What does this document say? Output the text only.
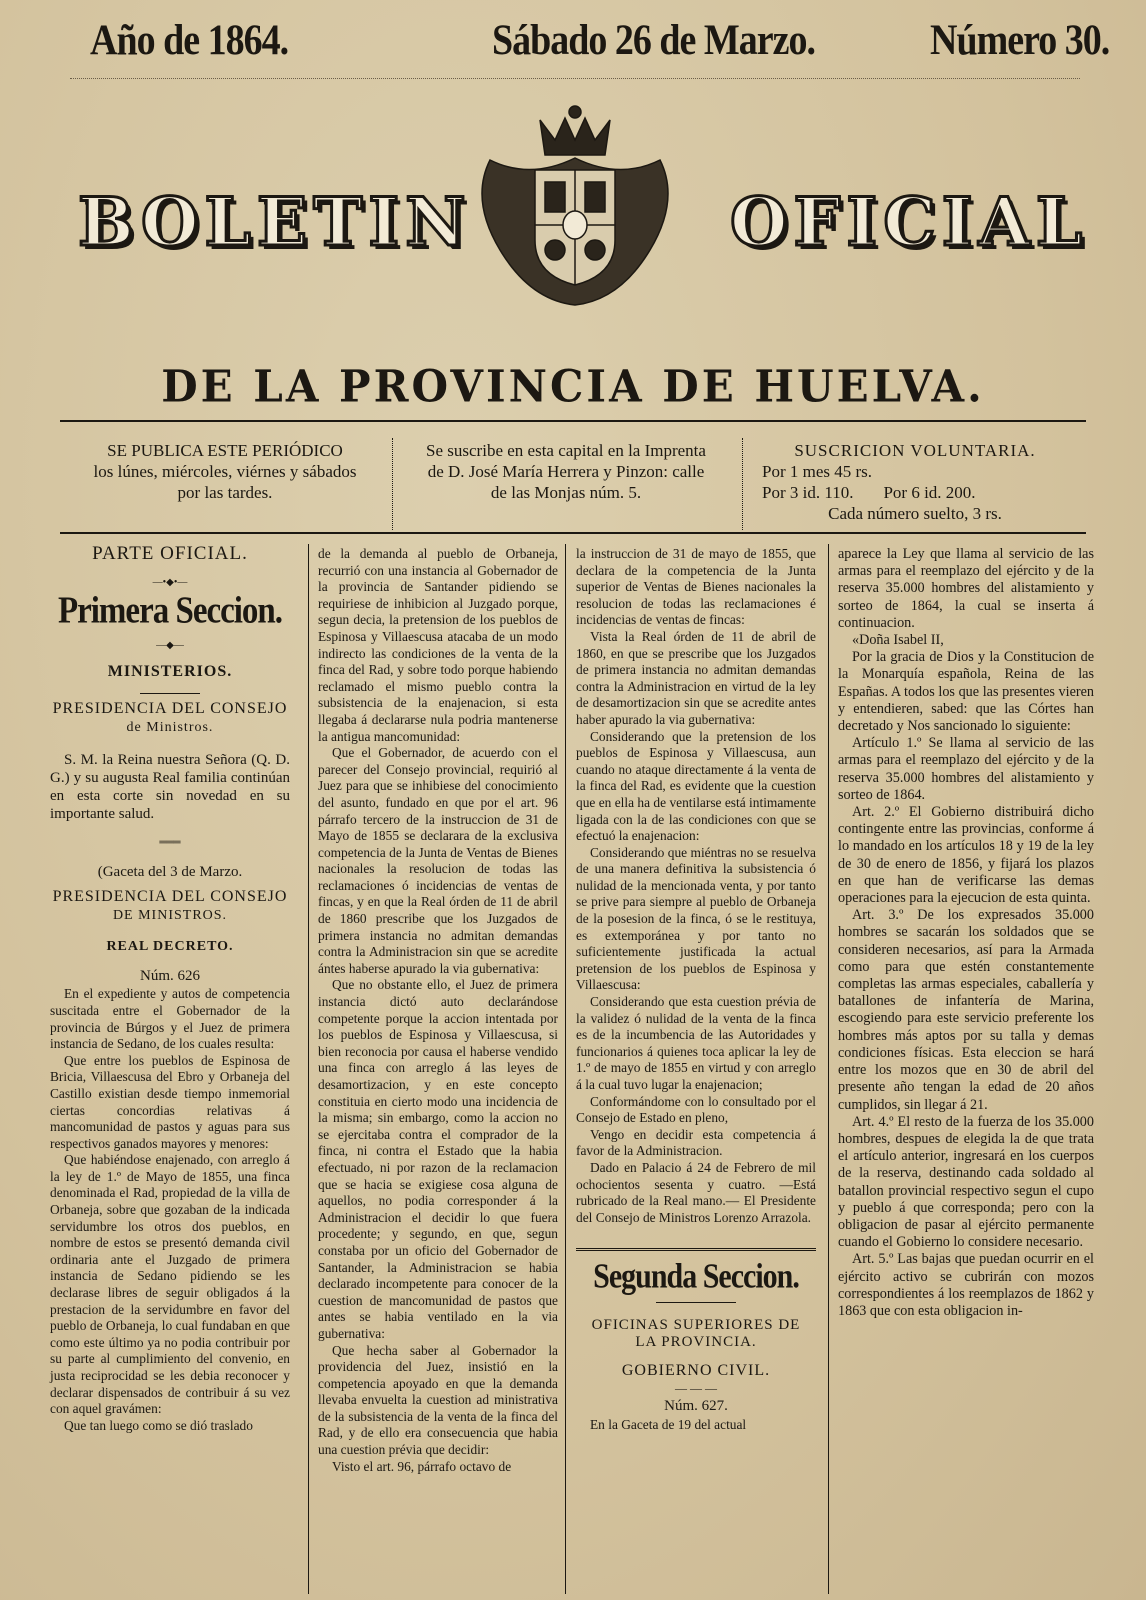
Año de 1864.	Sábado 26 de Marzo.	Número 30.
BOLETIN	OFICIAL
DE LA PROVINCIA DE HUELVA.

SE PUBLICA ESTE PERIÓDICO

los lúnes, miércoles, viérnes y sábados

por las tardes.

Se suscribe en esta capital en la Imprenta

de D. José María Herrera y Pinzon: calle

de las Monjas núm. 5.

SUSCRICION VOLUNTARIA.

Por 1 mes 45 rs.

Por 3 id. 110. Por 6 id. 200.

Cada número suelto, 3 rs.

PARTE OFICIAL.
—•◆•—
Primera Seccion.
—◆—
MINISTERIOS.
PRESIDENCIA DEL CONSEJO
de Ministros.

S. M. la Reina nuestra Señora (Q. D. G.) y su augusta Real familia continúan en esta corte sin novedad en su importante salud.

═══
(Gaceta del 3 de Marzo.
PRESIDENCIA DEL CONSEJO
DE MINISTROS.
REAL DECRETO.
Núm. 626

En el expediente y autos de competencia suscitada entre el Gobernador de la provincia de Búrgos y el Juez de primera instancia de Sedano, de los cuales resulta:

Que entre los pueblos de Espinosa de Bricia, Villaescusa del Ebro y Orbaneja del Castillo existian desde tiempo inmemorial ciertas concordias relativas á mancomunidad de pastos y aguas para sus respectivos ganados mayores y menores:

Que habiéndose enajenado, con arreglo á la ley de 1.º de Mayo de 1855, una finca denominada el Rad, propiedad de la villa de Orbaneja, sobre que gozaban de la indicada servidumbre los otros dos pueblos, en nombre de estos se presentó demanda civil ordinaria ante el Juzgado de primera instancia de Sedano pidiendo se les declarase libres de seguir obligados á la prestacion de la servidumbre en favor del pueblo de Orbaneja, lo cual fundaban en que como este último ya no podia contribuir por su parte al cumplimiento del convenio, en justa reciprocidad se les debia reconocer y declarar dispensados de contribuir á su vez con aquel gravámen:

Que tan luego como se dió traslado

de la demanda al pueblo de Orbaneja, recurrió con una instancia al Gobernador de la provincia de Santander pidiendo se requiriese de inhibicion al Juzgado porque, segun decia, la pretension de los pueblos de Espinosa y Villaescusa atacaba de un modo indirecto las condiciones de la venta de la finca del Rad, y sobre todo porque habiendo reclamado el mismo pueblo contra la subsistencia de la enajenacion, si esta llegaba á declararse nula podria mantenerse la antigua mancomunidad:

Que el Gobernador, de acuerdo con el parecer del Consejo provincial, requirió al Juez para que se inhibiese del conocimiento del asunto, fundado en que por el art. 96 párrafo tercero de la instruccion de 31 de Mayo de 1855 se declarara de la exclusiva competencia de la Junta de Ventas de Bienes nacionales la resolucion de todas las reclamaciones ó incidencias de ventas de fincas, y en que la Real órden de 11 de abril de 1860 prescribe que los Juzgados de primera instancia no admitan demandas contra la Administracion sin que se acredite ántes haberse apurado la via gubernativa:

Que no obstante ello, el Juez de primera instancia dictó auto declarándose competente porque la accion intentada por los pueblos de Espinosa y Villaescusa, si bien reconocia por causa el haberse vendido una finca con arreglo á las leyes de desamortizacion, y en este concepto constituia en cierto modo una incidencia de la misma; sin embargo, como la accion no se ejercitaba contra el comprador de la finca, ni contra el Estado que la habia efectuado, ni por razon de la reclamacion que se hacia se exigiese cosa alguna de aquellos, no podia corresponder á la Administracion el decidir lo que fuera procedente; y segundo, en que, segun constaba por un oficio del Gobernador de Santander, la Administracion se habia declarado incompetente para conocer de la cuestion de mancomunidad de pastos que antes se habia ventilado en la via gubernativa:

Que hecha saber al Gobernador la providencia del Juez, insistió en la competencia apoyado en que la demanda llevaba envuelta la cuestion ad ministrativa de la subsistencia de la venta de la finca del Rad, y de ello era consecuencia que habia una cuestion prévia que decidir:

Visto el art. 96, párrafo octavo de

la instruccion de 31 de mayo de 1855, que declara de la competencia de la Junta superior de Ventas de Bienes nacionales la resolucion de todas las reclamaciones é incidencias de ventas de fincas:

Vista la Real órden de 11 de abril de 1860, en que se prescribe que los Juzgados de primera instancia no admitan demandas contra la Administracion en virtud de la ley de desamortizacion sin que se acredite antes haber apurado la via gubernativa:

Considerando que la pretension de los pueblos de Espinosa y Villaescusa, aun cuando no ataque directamente á la venta de la finca del Rad, es evidente que la cuestion que en ella ha de ventilarse está intimamente ligada con la de las condiciones con que se efectuó la enajenacion:

Considerando que miéntras no se resuelva de una manera definitiva la subsistencia ó nulidad de la mencionada venta, y por tanto se prive para siempre al pueblo de Orbaneja de la posesion de la finca, ó se le restituya, es extemporánea y por tanto no suficientemente justificada la actual pretension de los pueblos de Espinosa y Villaescusa:

Considerando que esta cuestion prévia de la validez ó nulidad de la venta de la finca es de la incumbencia de las Autoridades y funcionarios á quienes toca aplicar la ley de 1.º de mayo de 1855 en virtud y con arreglo á la cual tuvo lugar la enajenacion;

Conformándome con lo consultado por el Consejo de Estado en pleno,

Vengo en decidir esta competencia á favor de la Administracion.

Dado en Palacio á 24 de Febrero de mil ochocientos sesenta y cuatro. —Está rubricado de la Real mano.— El Presidente del Consejo de Ministros Lorenzo Arrazola.

Segunda Seccion.
OFICINAS SUPERIORES DE LA PROVINCIA.
GOBIERNO CIVIL.
— — —
Núm. 627.

En la Gaceta de 19 del actual

aparece la Ley que llama al servicio de las armas para el reemplazo del ejército y de la reserva 35.000 hombres del alistamiento y sorteo de 1864, la cual se inserta á continuacion.

«Doña Isabel II,

Por la gracia de Dios y la Constitucion de la Monarquía española, Reina de las Españas. A todos los que las presentes vieren y entendieren, sabed: que las Córtes han decretado y Nos sancionado lo siguiente:

Artículo 1.º Se llama al servicio de las armas para el reemplazo del ejército y de la reserva 35.000 hombres del alistamiento y sorteo de 1864.

Art. 2.º El Gobierno distribuirá dicho contingente entre las provincias, conforme á lo mandado en los artículos 18 y 19 de la ley de 30 de enero de 1856, y fijará los plazos en que han de verificarse las demas operaciones para la ejecucion de esta quinta.

Art. 3.º De los expresados 35.000 hombres se sacarán los soldados que se consideren necesarios, así para la Armada como para que estén constantemente completas las armas especiales, caballería y batallones de infantería de Marina, escogiendo para este servicio preferente los hombres más aptos por su talla y demas condiciones físicas. Esta eleccion se hará entre los mozos que en 30 de abril del presente año tengan la edad de 20 años cumplidos, sin llegar á 21.

Art. 4.º El resto de la fuerza de los 35.000 hombres, despues de elegida la de que trata el artículo anterior, ingresará en los cuerpos de la reserva, destinando cada soldado al batallon provincial respectivo segun el cupo y pueblo á que corresponda; pero con la obligacion de pasar al ejército permanente cuando el Gobierno lo considere necesario.

Art. 5.º Las bajas que puedan ocurrir en el ejército activo se cubrirán con mozos correspondientes á los reemplazos de 1862 y 1863 que con esta obligacion in-
